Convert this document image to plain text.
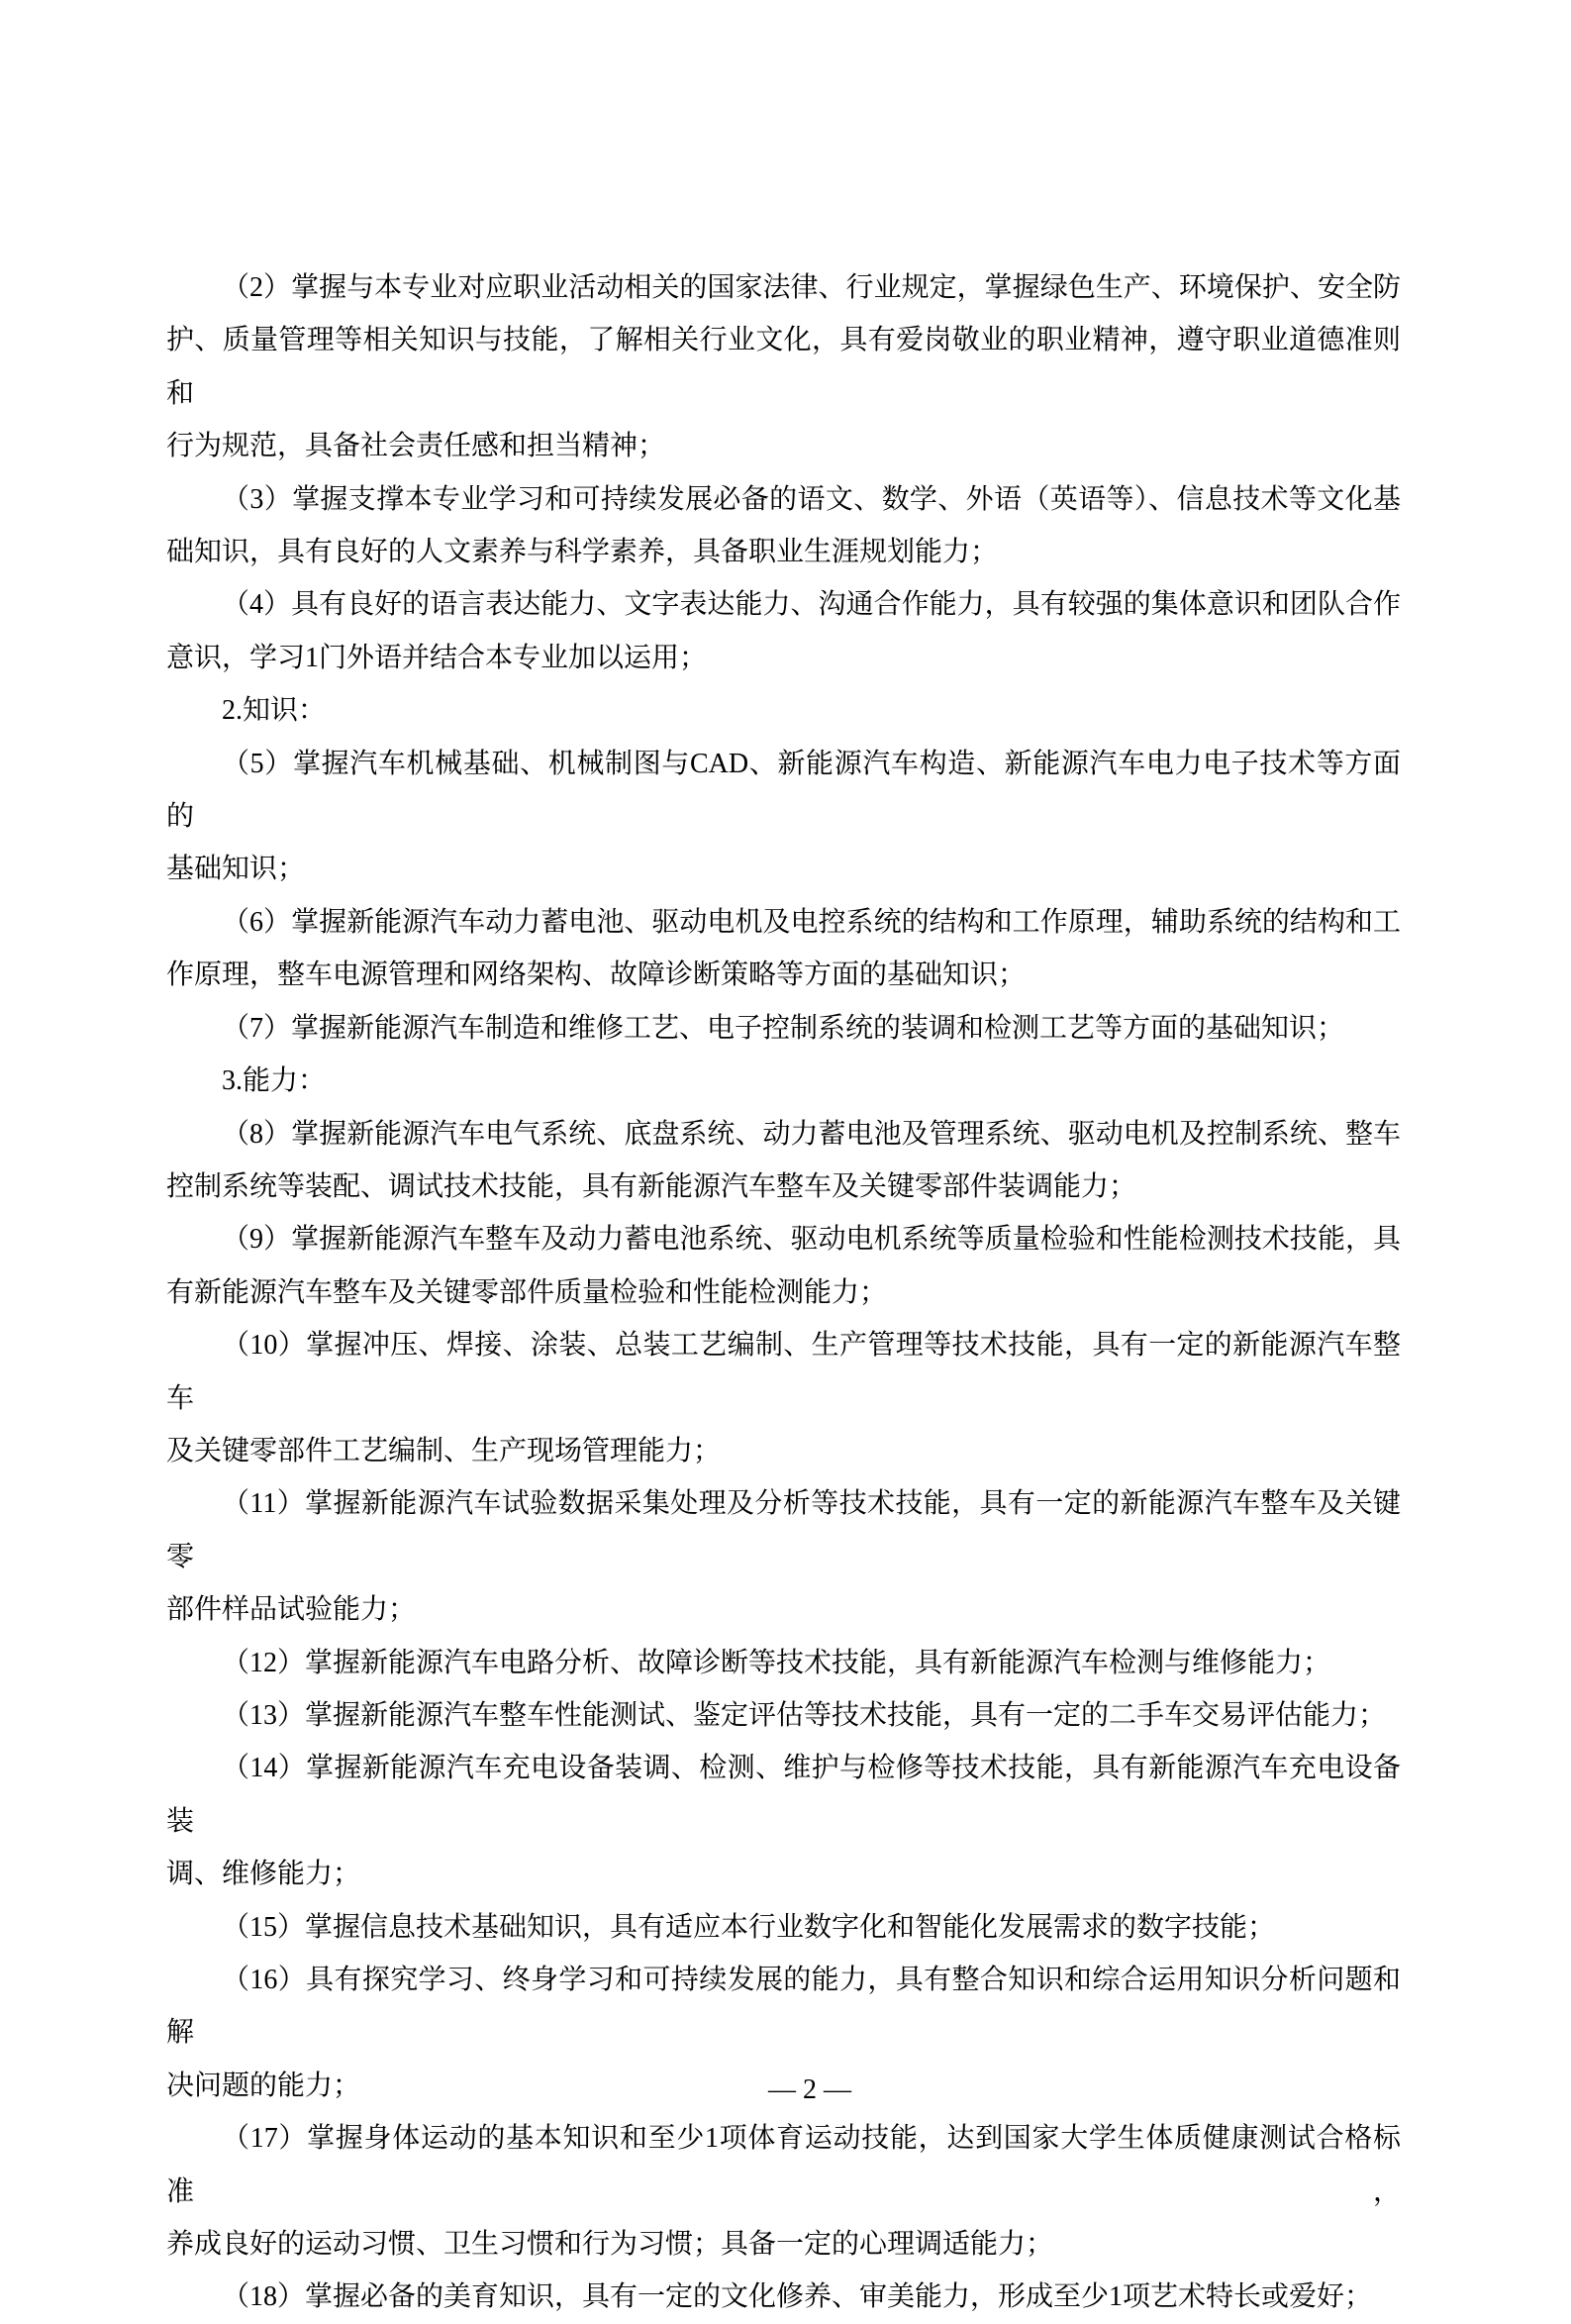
（2）掌握与本专业对应职业活动相关的国家法律、行业规定，掌握绿色生产、环境保护、安全防
护、质量管理等相关知识与技能，了解相关行业文化，具有爱岗敬业的职业精神，遵守职业道德准则和
行为规范，具备社会责任感和担当精神；
（3）掌握支撑本专业学习和可持续发展必备的语文、数学、外语（英语等）、信息技术等文化基
础知识，具有良好的人文素养与科学素养，具备职业生涯规划能力；
（4）具有良好的语言表达能力、文字表达能力、沟通合作能力，具有较强的集体意识和团队合作
意识，学习1门外语并结合本专业加以运用；
2.知识：
（5）掌握汽车机械基础、机械制图与CAD、新能源汽车构造、新能源汽车电力电子技术等方面的
基础知识；
（6）掌握新能源汽车动力蓄电池、驱动电机及电控系统的结构和工作原理，辅助系统的结构和工
作原理，整车电源管理和网络架构、故障诊断策略等方面的基础知识；
（7）掌握新能源汽车制造和维修工艺、电子控制系统的装调和检测工艺等方面的基础知识；
3.能力：
（8）掌握新能源汽车电气系统、底盘系统、动力蓄电池及管理系统、驱动电机及控制系统、整车
控制系统等装配、调试技术技能，具有新能源汽车整车及关键零部件装调能力；
（9）掌握新能源汽车整车及动力蓄电池系统、驱动电机系统等质量检验和性能检测技术技能，具
有新能源汽车整车及关键零部件质量检验和性能检测能力；
（10）掌握冲压、焊接、涂装、总装工艺编制、生产管理等技术技能，具有一定的新能源汽车整车
及关键零部件工艺编制、生产现场管理能力；
（11）掌握新能源汽车试验数据采集处理及分析等技术技能，具有一定的新能源汽车整车及关键零
部件样品试验能力；
（12）掌握新能源汽车电路分析、故障诊断等技术技能，具有新能源汽车检测与维修能力；
（13）掌握新能源汽车整车性能测试、鉴定评估等技术技能，具有一定的二手车交易评估能力；
（14）掌握新能源汽车充电设备装调、检测、维护与检修等技术技能，具有新能源汽车充电设备装
调、维修能力；
（15）掌握信息技术基础知识，具有适应本行业数字化和智能化发展需求的数字技能；
（16）具有探究学习、终身学习和可持续发展的能力，具有整合知识和综合运用知识分析问题和解
决问题的能力；
（17）掌握身体运动的基本知识和至少1项体育运动技能，达到国家大学生体质健康测试合格标准，
养成良好的运动习惯、卫生习惯和行为习惯；具备一定的心理调适能力；
（18）掌握必备的美育知识，具有一定的文化修养、审美能力，形成至少1项艺术特长或爱好；
— 2 —
